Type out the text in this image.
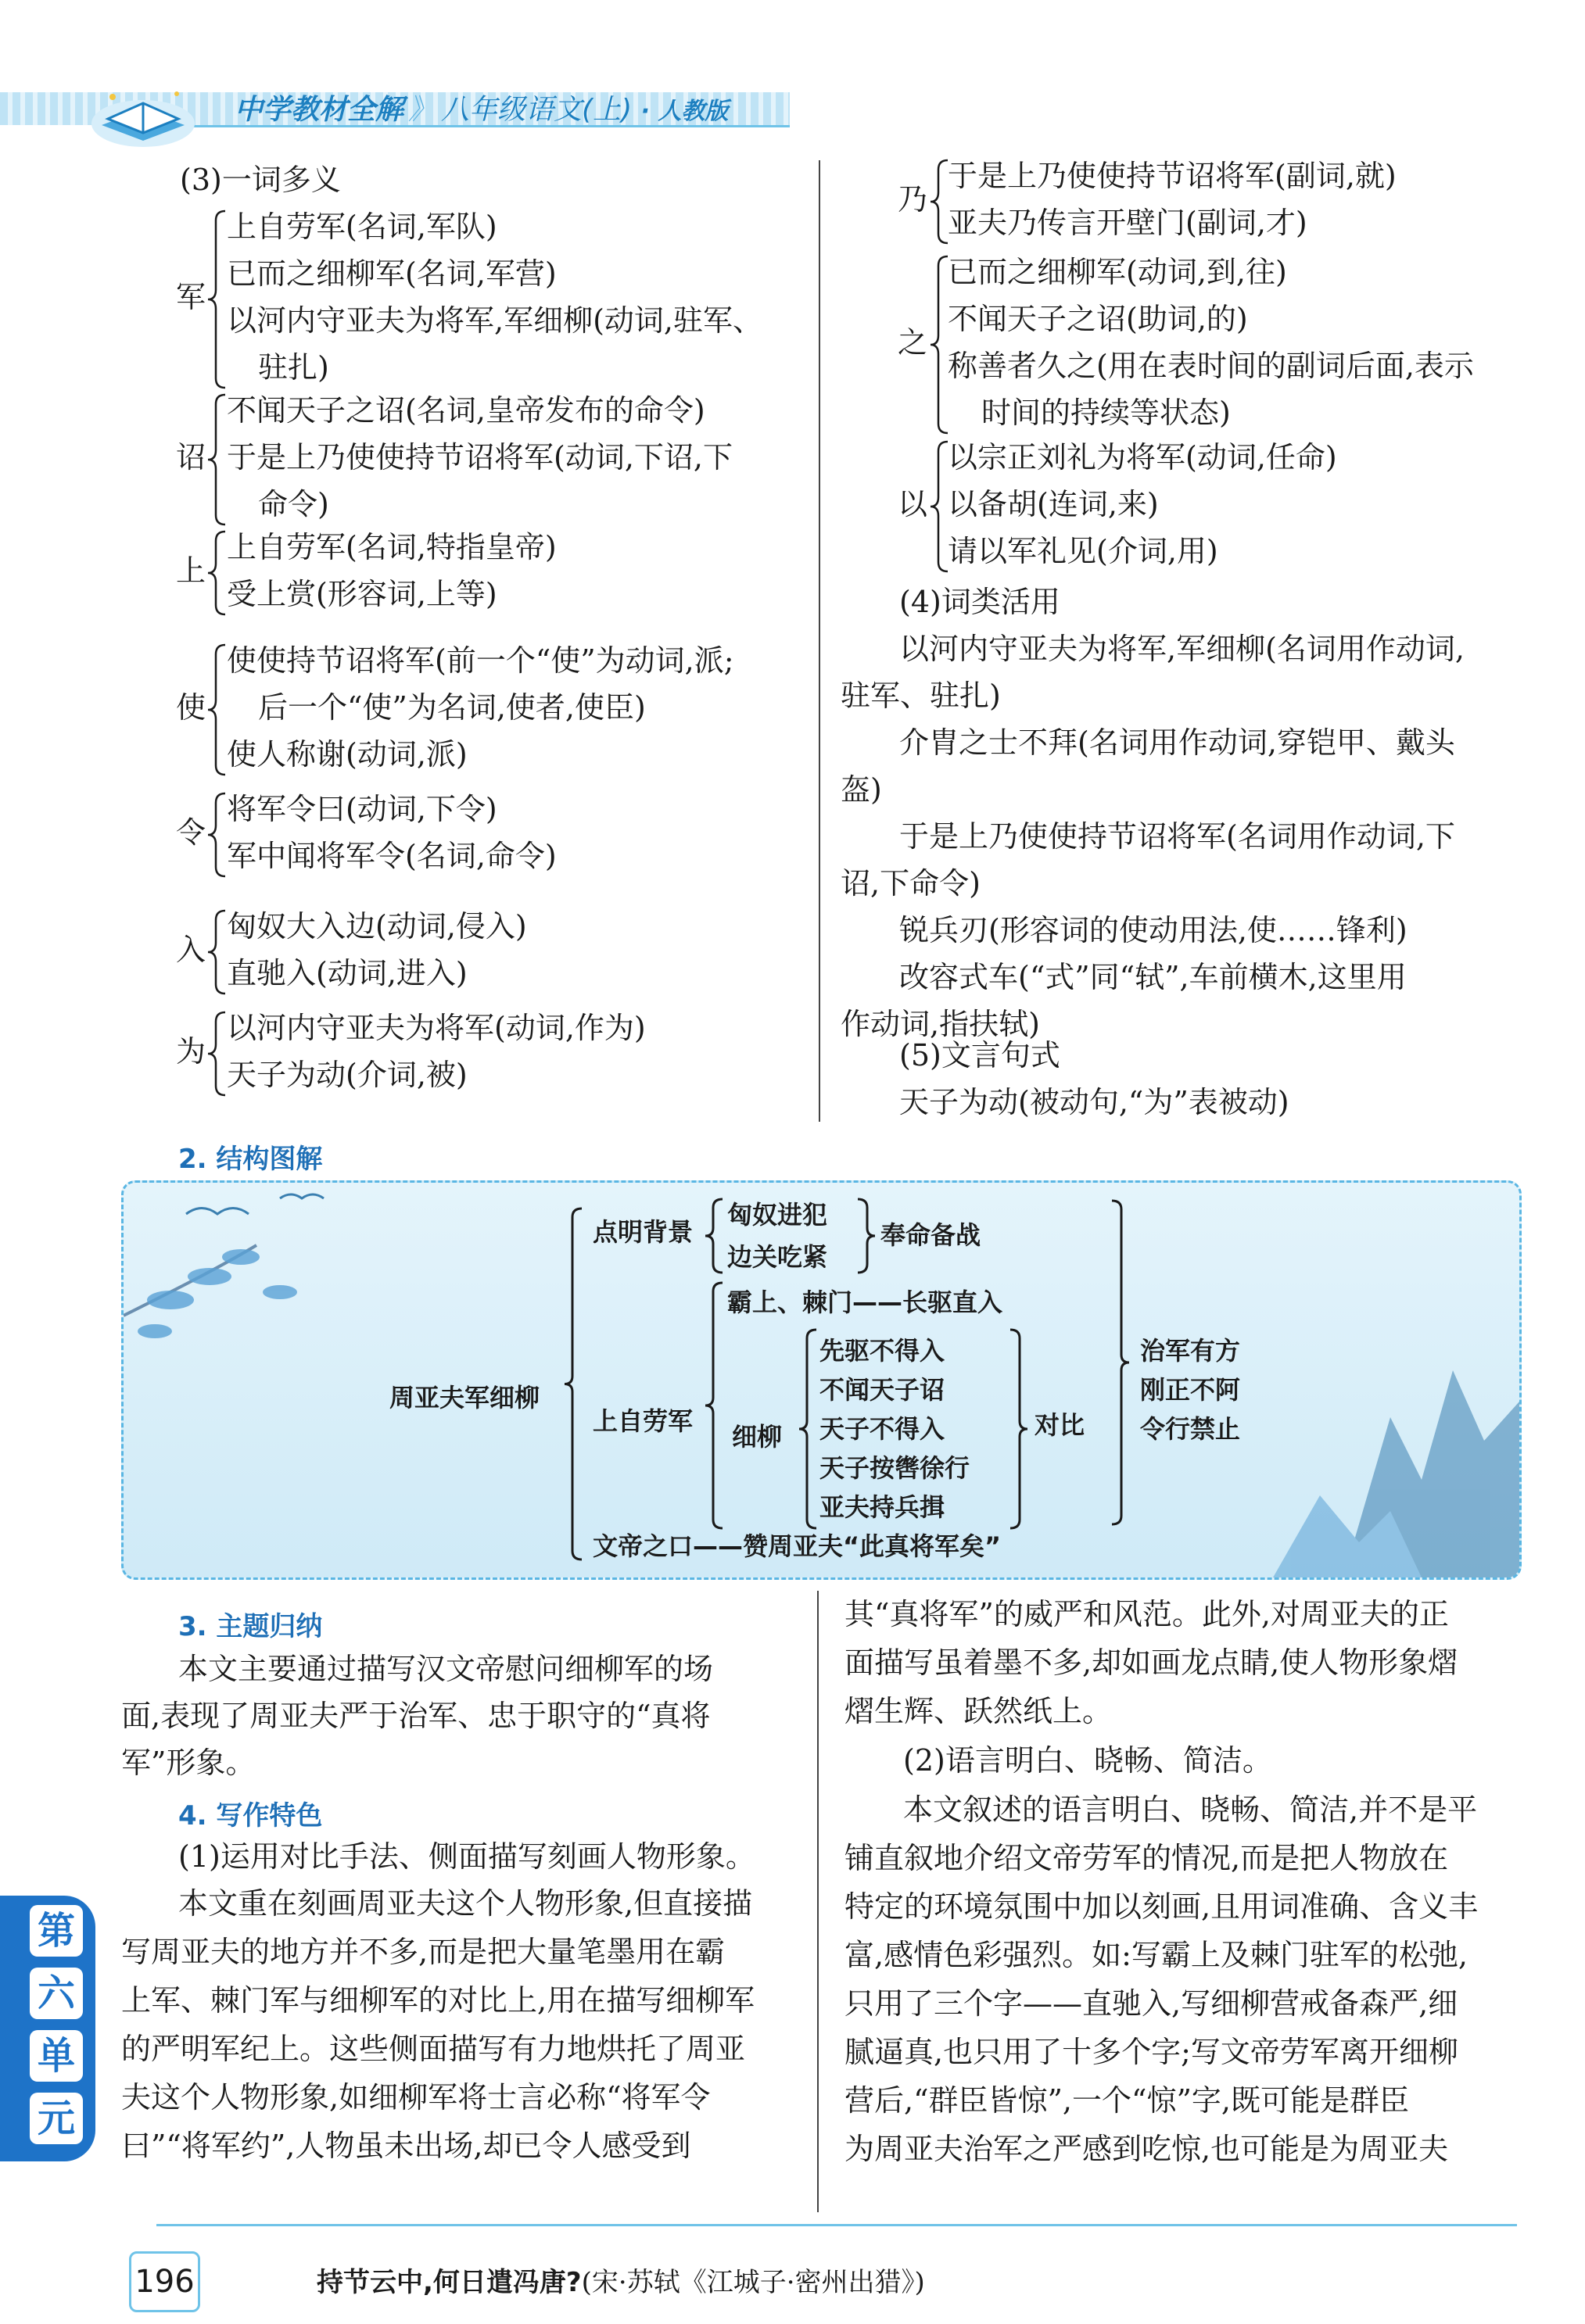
中学教材全解 》 八年级语文(上) · 人教版
(3)一词多义
军
上自劳军(名词,军队)
已而之细柳军(名词,军营)
以河内守亚夫为将军,军细柳(动词,驻军、
驻扎)
诏
不闻天子之诏(名词,皇帝发布的命令)
于是上乃使使持节诏将军(动词,下诏,下
命令)
上
上自劳军(名词,特指皇帝)
受上赏(形容词,上等)
使
使使持节诏将军(前一个“使”为动词,派;
后一个“使”为名词,使者,使臣)
使人称谢(动词,派)
令
将军令曰(动词,下令)
军中闻将军令(名词,命令)
入
匈奴大入边(动词,侵入)
直驰入(动词,进入)
为
以河内守亚夫为将军(动词,作为)
天子为动(介词,被)
乃
于是上乃使使持节诏将军(副词,就)
亚夫乃传言开壁门(副词,才)
之
已而之细柳军(动词,到,往)
不闻天子之诏(助词,的)
称善者久之(用在表时间的副词后面,表示
时间的持续等状态)
以
以宗正刘礼为将军(动词,任命)
以备胡(连词,来)
请以军礼见(介词,用)
(4)词类活用
以河内守亚夫为将军,军细柳(名词用作动词,
驻军、驻扎)
介胄之士不拜(名词用作动词,穿铠甲、戴头
盔)
于是上乃使使持节诏将军(名词用作动词,下
诏,下命令)
锐兵刃(形容词的使动用法,使……锋利)
改容式车(“式”同“轼”,车前横木,这里用
作动词,指扶轼)
(5)文言句式
天子为动(被动句,“为”表被动)
2. 结构图解
周亚夫军细柳
点明背景
匈奴进犯
边关吃紧
奉命备战
上自劳军
霸上、棘门——长驱直入
细柳
先驱不得入
不闻天子诏
天子不得入
天子按辔徐行
亚夫持兵揖
对比
治军有方
刚正不阿
令行禁止
文帝之口——赞周亚夫“此真将军矣”
3. 主题归纳
本文主要通过描写汉文帝慰问细柳军的场
面,表现了周亚夫严于治军、忠于职守的“真将
军”形象。
4. 写作特色
(1)运用对比手法、侧面描写刻画人物形象。
本文重在刻画周亚夫这个人物形象,但直接描
写周亚夫的地方并不多,而是把大量笔墨用在霸
上军、棘门军与细柳军的对比上,用在描写细柳军
的严明军纪上。这些侧面描写有力地烘托了周亚
夫这个人物形象,如细柳军将士言必称“将军令
曰”“将军约”,人物虽未出场,却已令人感受到
其“真将军”的威严和风范。此外,对周亚夫的正
面描写虽着墨不多,却如画龙点睛,使人物形象熠
熠生辉、跃然纸上。
(2)语言明白、晓畅、简洁。
本文叙述的语言明白、晓畅、简洁,并不是平
铺直叙地介绍文帝劳军的情况,而是把人物放在
特定的环境氛围中加以刻画,且用词准确、含义丰
富,感情色彩强烈。如:写霸上及棘门驻军的松弛,
只用了三个字——直驰入,写细柳营戒备森严,细
腻逼真,也只用了十多个字;写文帝劳军离开细柳
营后,“群臣皆惊”,一个“惊”字,既可能是群臣
为周亚夫治军之严感到吃惊,也可能是为周亚夫
第
六
单
元
196	持节云中,何日遣冯唐?(宋·苏轼《江城子·密州出猎》)
